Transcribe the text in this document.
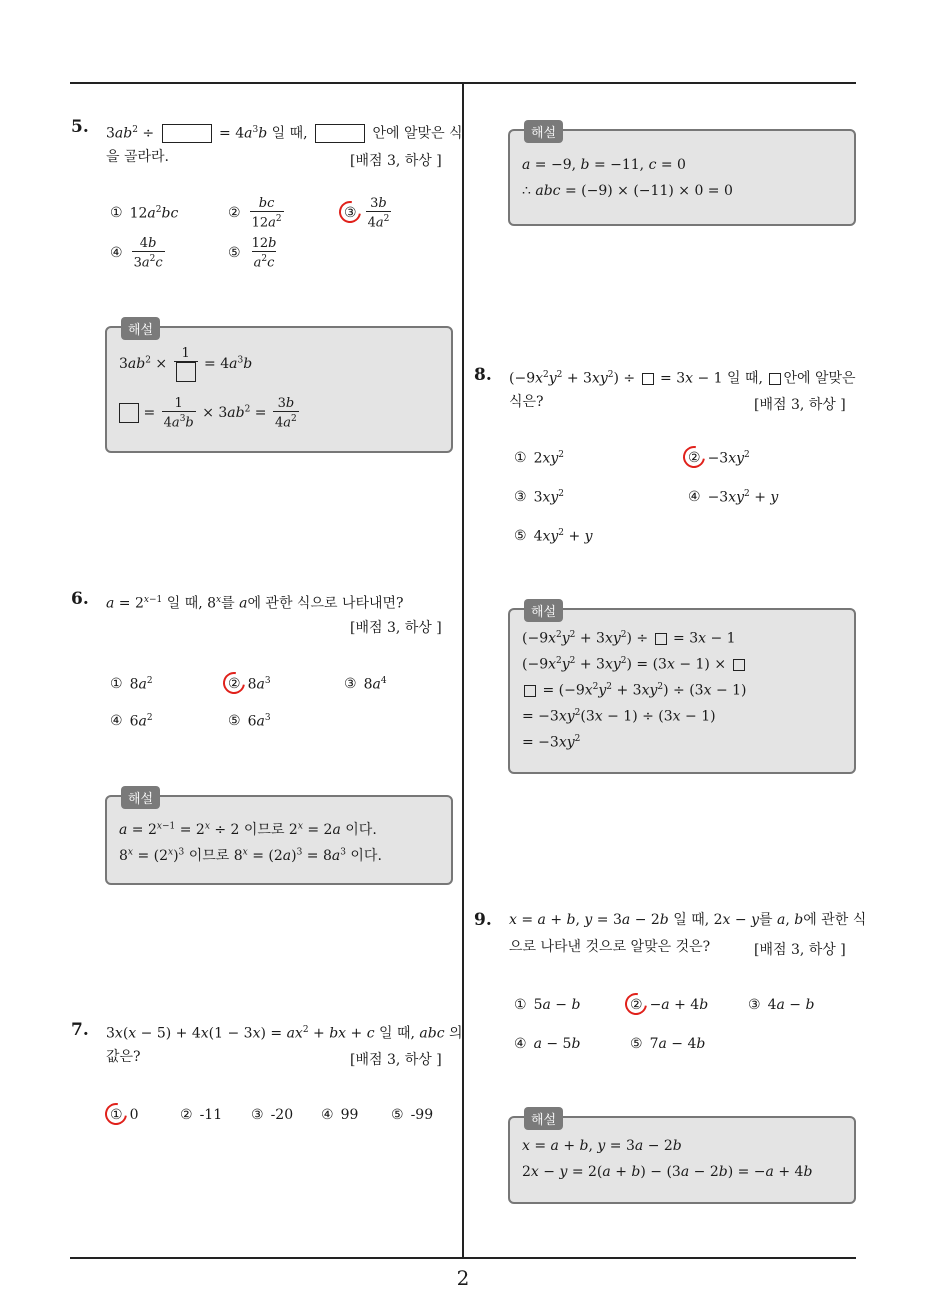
2
5. $3ab^2$ ÷	= $4a^3b$ 일 때,	안에 알맞은 식
을 골라라.	[배점 3, 하상 ]
① $12a^2bc$	② $\frac{bc}{12a^2}$	③ $\frac{3b}{4a^2}$
④ $\frac{4b}{3a^2c}$	⑤ $\frac{12b}{a^2c}$
해설
$3ab^2$ ×
1
= $4a^3b$
= $\frac{1}{4a^3b} \times 3ab^2 = \frac{3b}{4a^2}$
6. $a = 2^{x-1}$ 일 때, 8$^x$를 a에 관한 식으로 나타내면?
[배점 3, 하상 ]
① $8a^2$	② $8a^3$	③ $8a^4$
④ $6a^2$	⑤ $6a^3$
해설
$a = 2^{x-1} = 2^x \div 2$ 이므로 $2^x = 2a$ 이다.
$8^x = (2^x)^3$ 이므로 $8^x = (2a)^3 = 8a^3$ 이다.
7. $3x(x - 5) + 4x(1 - 3x) = ax^2$ + bx + c 일 때, abc 의
값은?	[배점 3, 하상 ]
① 0	② -11 ③ -20 ④ 99 ⑤ -99
해설
a = −9, b = −11, c = 0
∴ abc = (−9) × (−11) × 0 = 0
8. $(-9x^2y^2 + 3xy^2)$ ÷  = 3x − 1 일 때, 안에 알맞은
식은?	[배점 3, 하상 ]
① $2xy^2$	② $-3xy^2$
③ $3xy^2$	④ $-3xy^2 + y$
⑤ $4xy^2 + y$
해설
$(-9x^2y^2 + 3xy^2)$ ÷  = 3x − 1
$(-9x^2y^2 + 3xy^2) = (3x - 1)$ ×
= $(-9x^2y^2 + 3xy^2) \div (3x - 1)$
= $-3xy^2(3x - 1) \div (3x - 1)$
= $-3xy^2$
9. x = a + b, y = 3a − 2b 일 때, 2x − y를 a, b에 관한 식
으로 나타낸 것으로 알맞은 것은?	[배점 3, 하상 ]
① 5a − b	② −a + 4b	③ 4a − b
④ a − 5b	⑤ 7a − 4b
해설
x = a + b, y = 3a − 2b
2x − y = 2(a + b) − (3a − 2b) = −a + 4b
